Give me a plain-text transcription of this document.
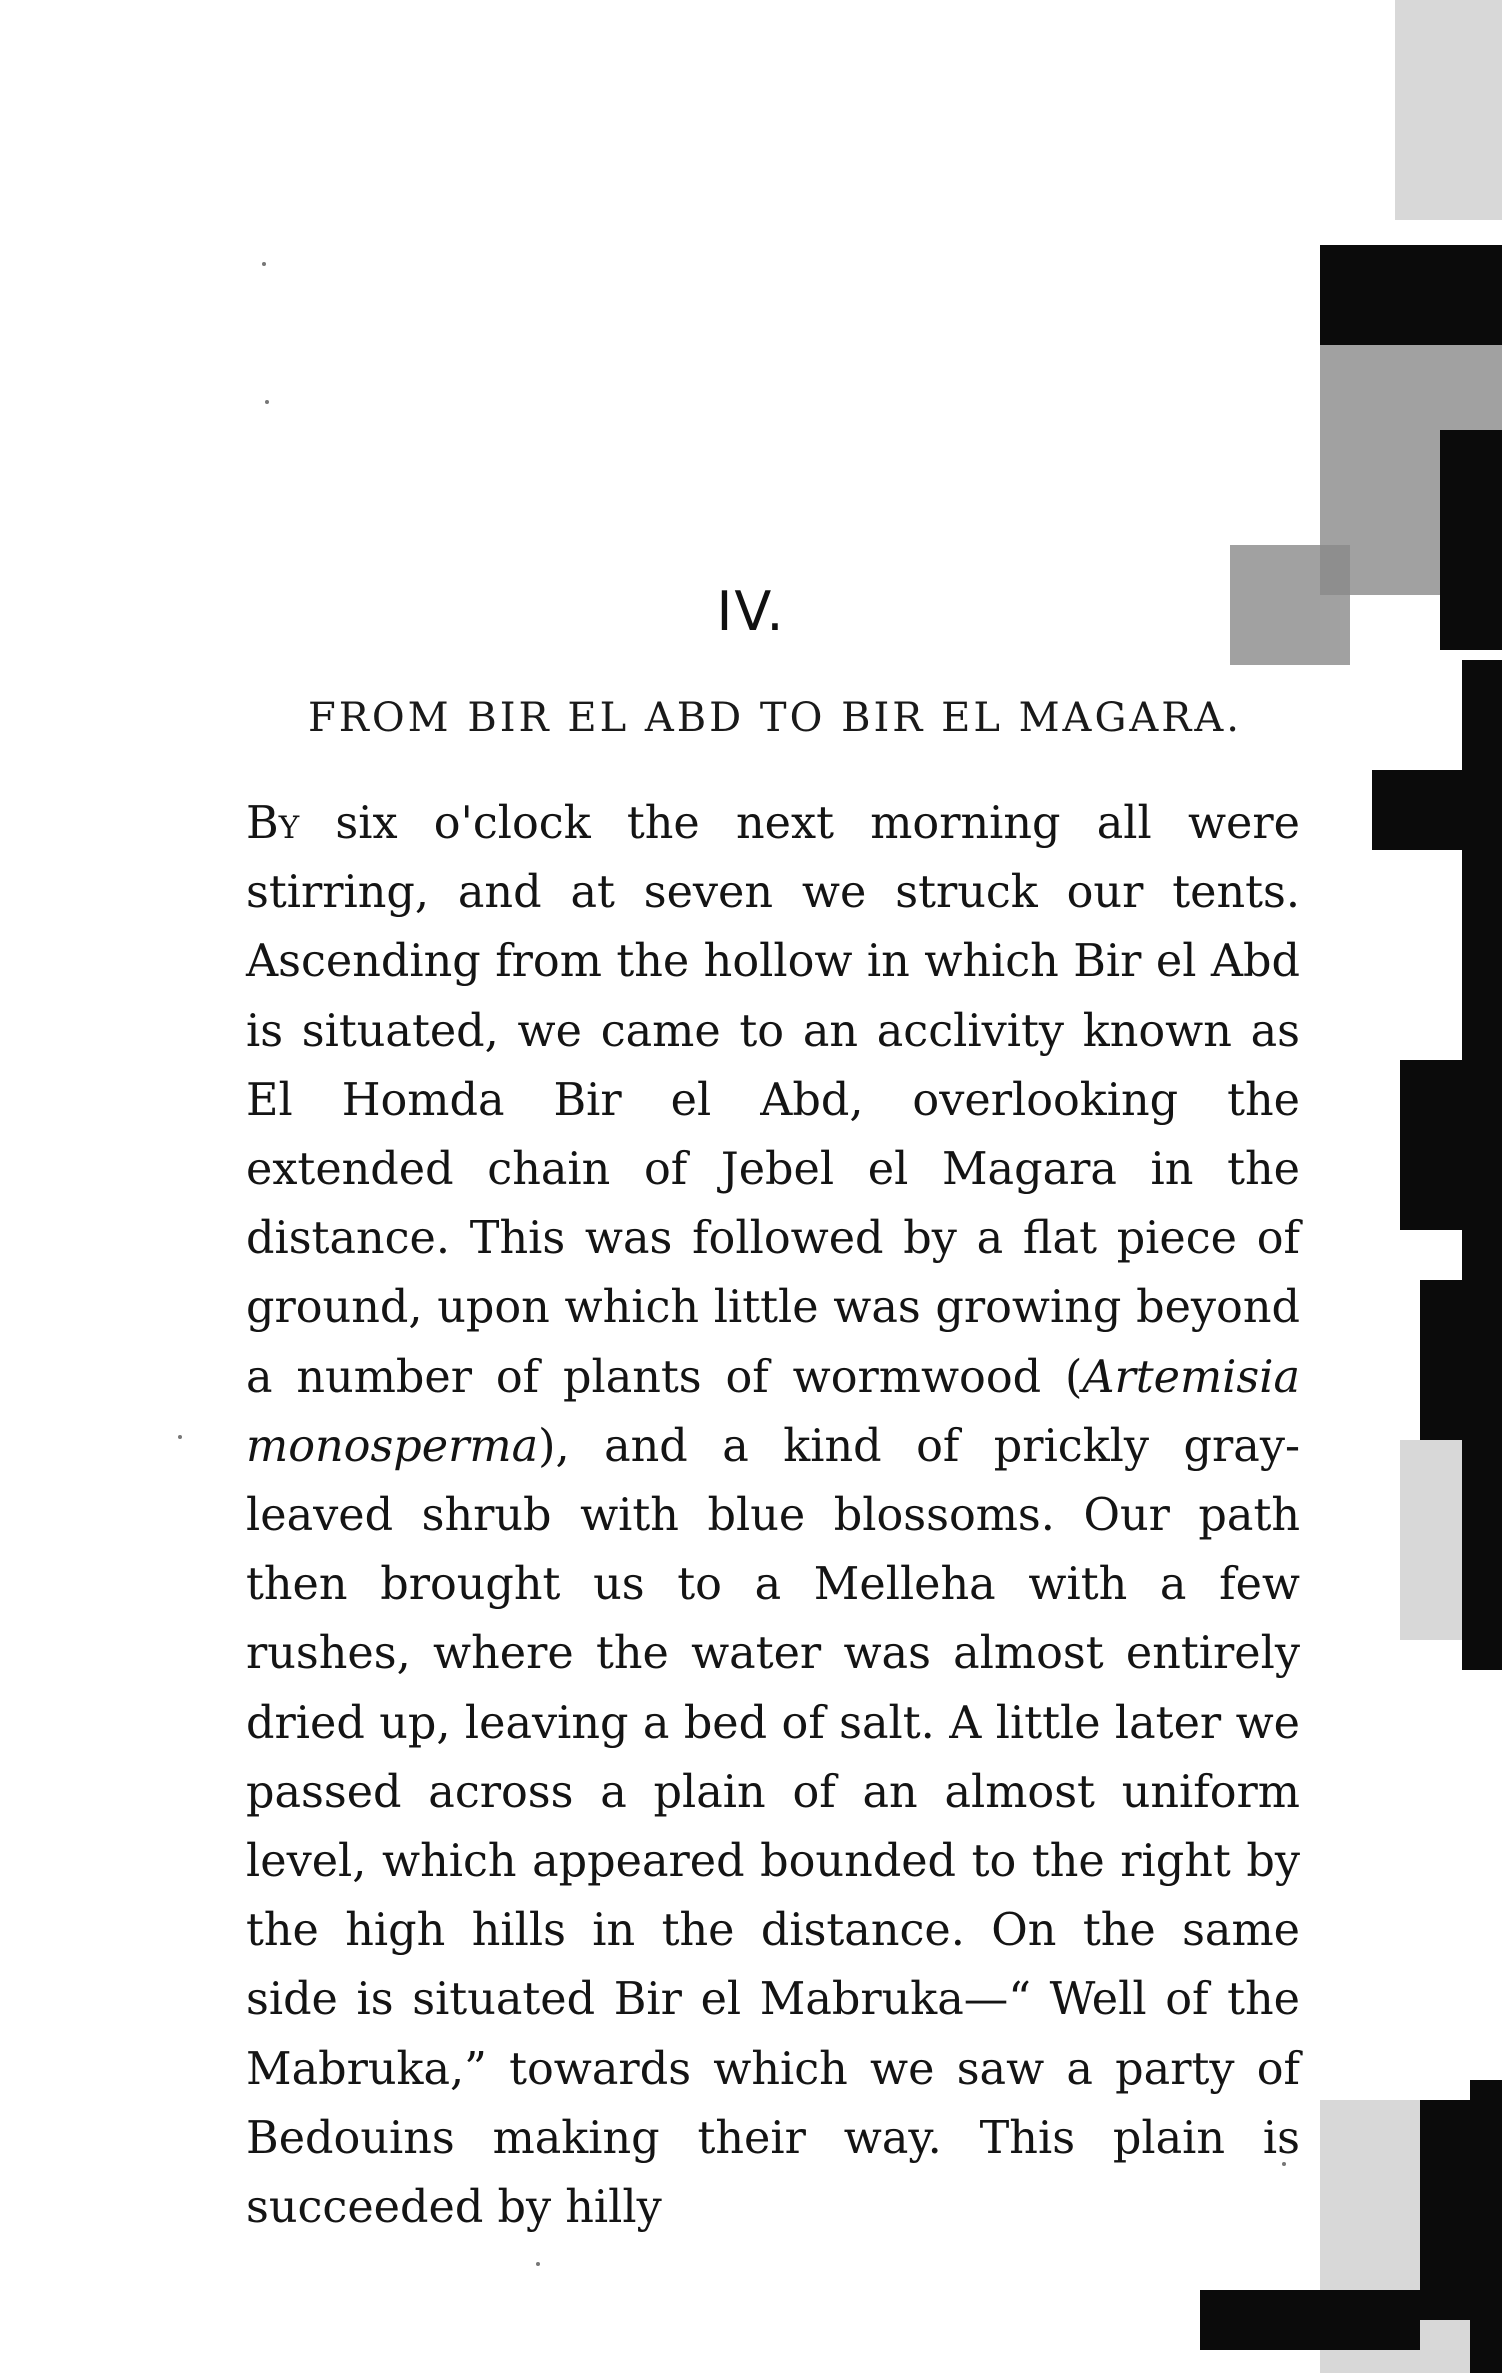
IV.
FROM BIR EL ABD TO BIR EL MAGARA.

By six o'clock the next morning all were stirring, and at seven we struck our tents. Ascending from the hollow in which Bir el Abd is situated, we came to an acclivity known as El Homda Bir el Abd, overlooking the extended chain of Jebel el Magara in the distance. This was followed by a flat piece of ground, upon which little was growing beyond a number of plants of wormwood (Artemisia monosperma), and a kind of prickly gray-leaved shrub with blue blossoms. Our path then brought us to a Melleha with a few rushes, where the water was almost entirely dried up, leaving a bed of salt. A little later we passed across a plain of an almost uniform level, which appeared bounded to the right by the high hills in the distance. On the same side is situated Bir el Mabruka—“ Well of the Mabruka,” towards which we saw a party of Bedouins making their way. This plain is succeeded by hilly
